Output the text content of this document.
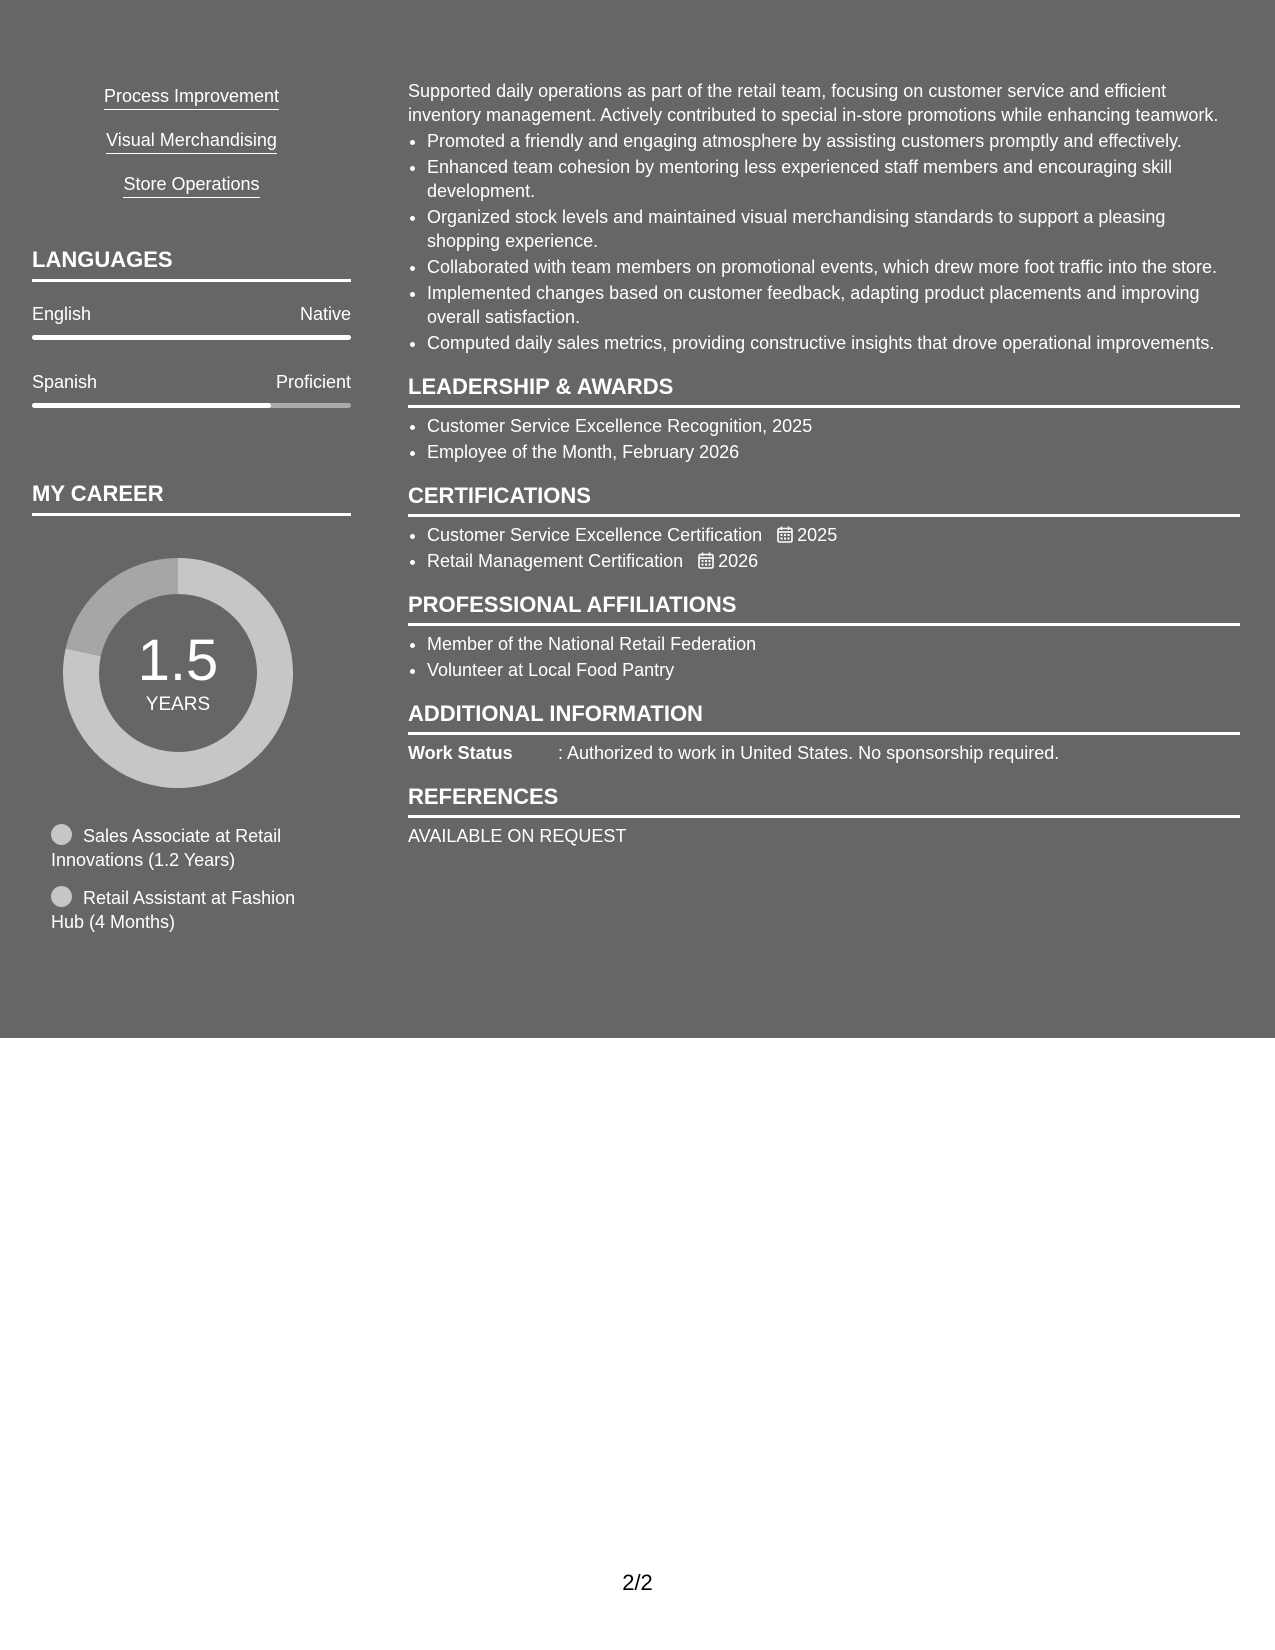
Process Improvement
Visual Merchandising
Store Operations
LANGUAGES
English	Native
Spanish	Proficient
MY CAREER
1.5
YEARS
Sales Associate at Retail Innovations (1.2 Years)
Retail Assistant at Fashion Hub (4 Months)

Supported daily operations as part of the retail team, focusing on customer service and efficient inventory management. Actively contributed to special in-store promotions while enhancing teamwork.

• Promoted a friendly and engaging atmosphere by assisting customers promptly and effectively.
• Enhanced team cohesion by mentoring less experienced staff members and encouraging skill development.
• Organized stock levels and maintained visual merchandising standards to support a pleasing shopping experience.
• Collaborated with team members on promotional events, which drew more foot traffic into the store.
• Implemented changes based on customer feedback, adapting product placements and improving overall satisfaction.
• Computed daily sales metrics, providing constructive insights that drove operational improvements.
LEADERSHIP & AWARDS
• Customer Service Excellence Recognition, 2025
• Employee of the Month, February 2026
CERTIFICATIONS
• Customer Service Excellence Certification 2025
• Retail Management Certification 2026
PROFESSIONAL AFFILIATIONS
• Member of the National Retail Federation
• Volunteer at Local Food Pantry
ADDITIONAL INFORMATION
Work Status	: Authorized to work in United States. No sponsorship required.
REFERENCES
AVAILABLE ON REQUEST
2/2
